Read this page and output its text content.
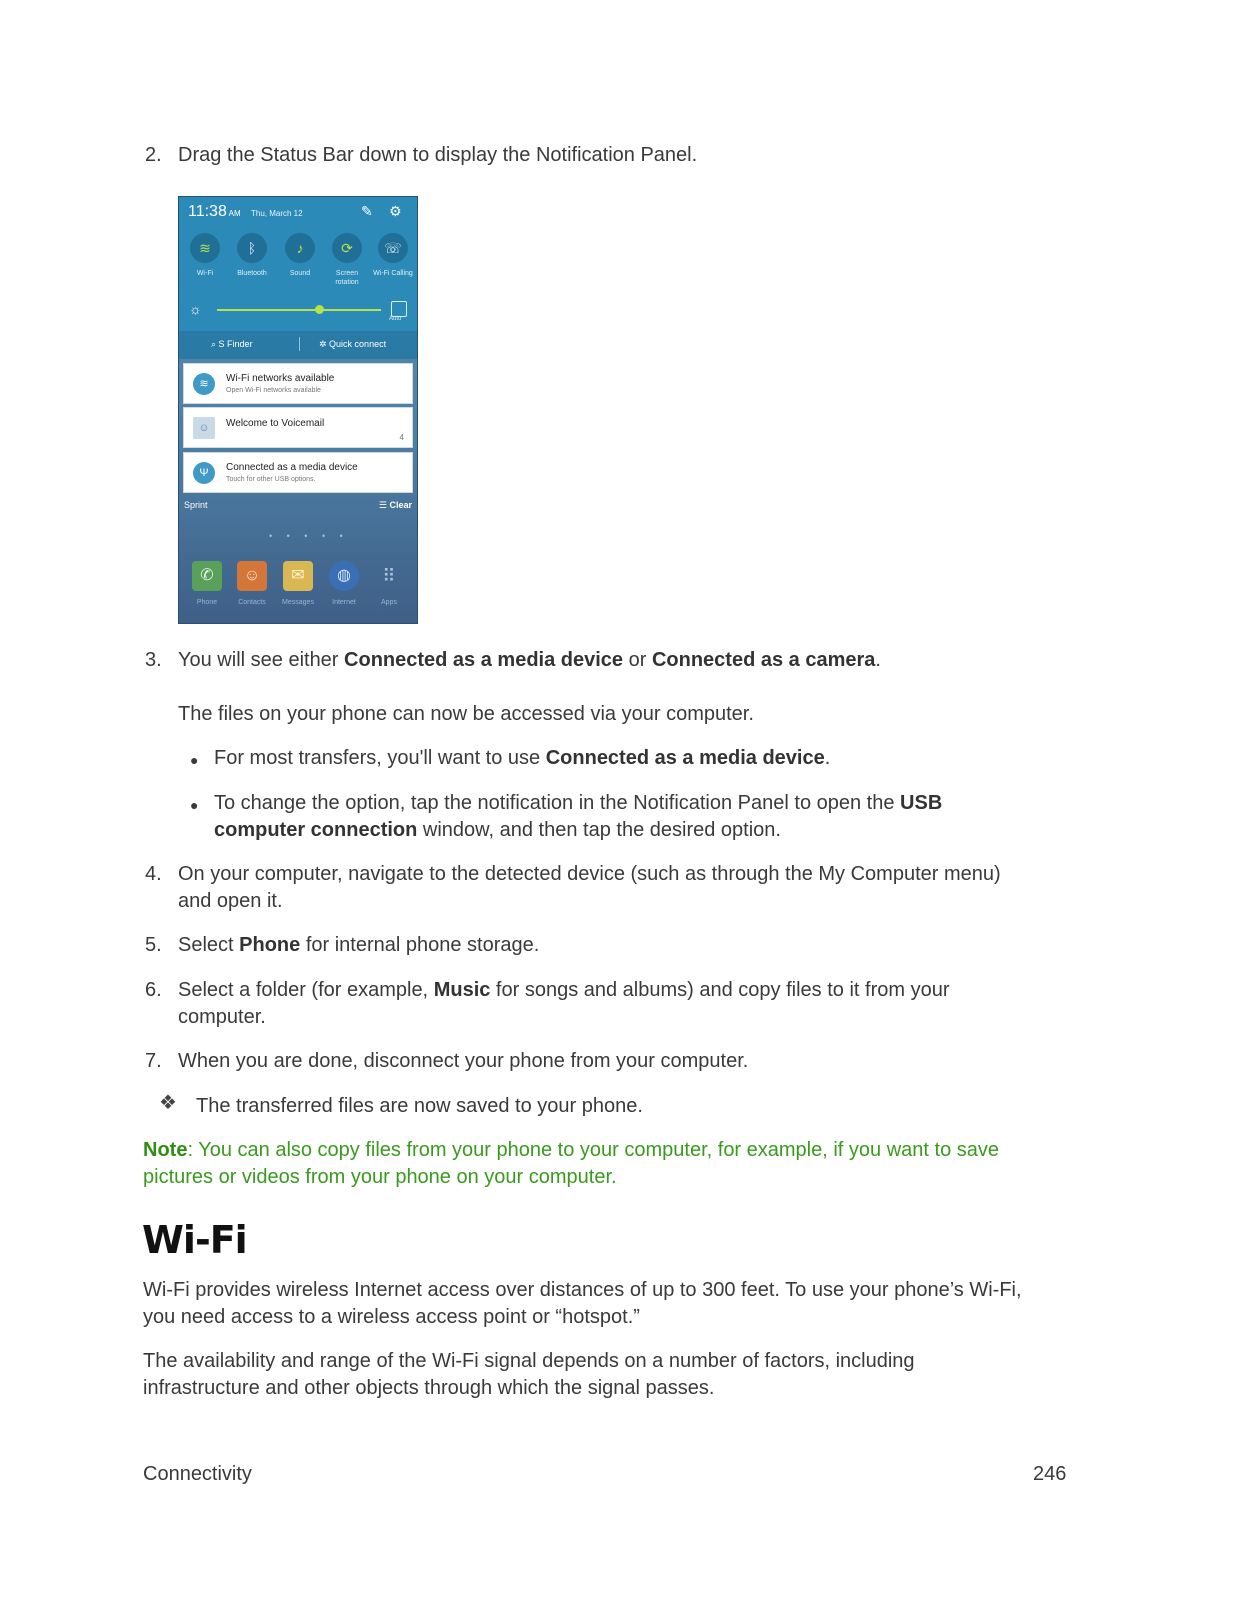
2. Drag the Status Bar down to display the Notification Panel.
11:38 AM Thu, March 12	✎ ⚙
≋	ᛒ	♪	⟳	☏
Wi-Fi	Bluetooth	Sound	Screen rotation
Wi-Fi Calling
☼
Auto
⌕ S Finder	✲ Quick connect
≋	Wi-Fi networks available
Open Wi-Fi networks available
☺	Welcome to Voicemail
4
Ψ	Connected as a media device
Touch for other USB options.
Sprint	☰ Clear
• • • • •
✆	☺	✉	◍	⠿
Phone	Contacts	Messages	Internet	Apps
3. You will see either Connected as a media device or Connected as a camera.
The files on your phone can now be accessed via your computer.
● For most transfers, you'll want to use Connected as a media device.
● To change the option, tap the notification in the Notification Panel to open the USB
computer connection window, and then tap the desired option.
4. On your computer, navigate to the detected device (such as through the My Computer menu)
and open it.
5. Select Phone for internal phone storage.
6. Select a folder (for example, Music for songs and albums) and copy files to it from your
computer.
7. When you are done, disconnect your phone from your computer.
❖ The transferred files are now saved to your phone.
Note: You can also copy files from your phone to your computer, for example, if you want to save
pictures or videos from your phone on your computer.
Wi-Fi
Wi-Fi provides wireless Internet access over distances of up to 300 feet. To use your phone’s Wi-Fi,
you need access to a wireless access point or “hotspot.”
The availability and range of the Wi-Fi signal depends on a number of factors, including
infrastructure and other objects through which the signal passes.
Connectivity	246
